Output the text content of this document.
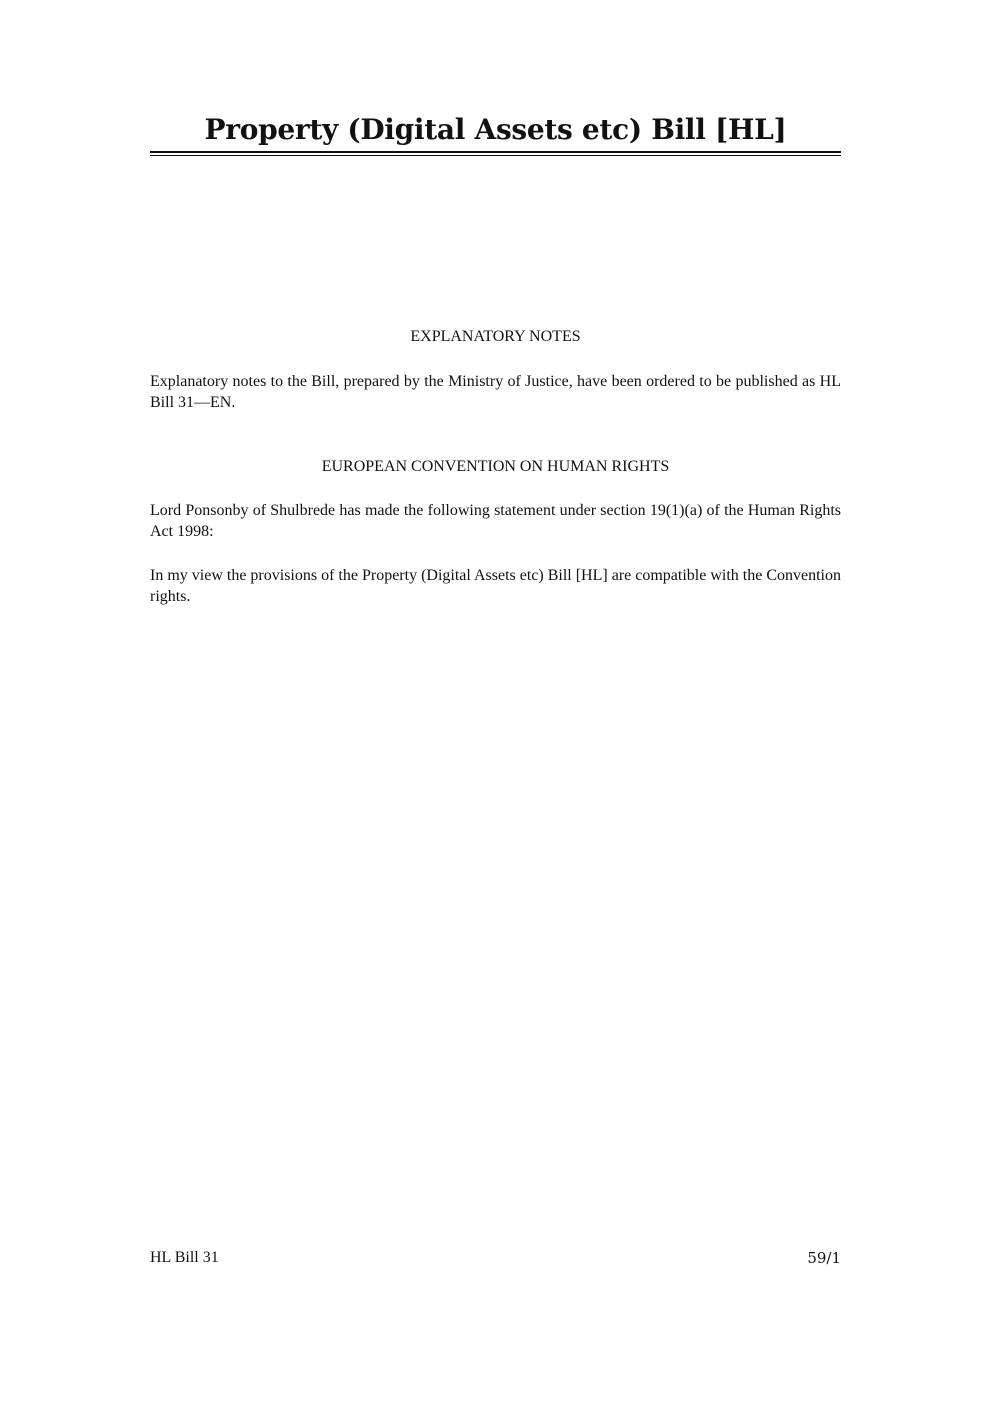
Property (Digital Assets etc) Bill [HL]
EXPLANATORY NOTES

Explanatory notes to the Bill, prepared by the Ministry of Justice, have been ordered to be published as HL Bill 31—EN.

EUROPEAN CONVENTION ON HUMAN RIGHTS

Lord Ponsonby of Shulbrede has made the following statement under section 19(1)(a) of the Human Rights Act 1998:

In my view the provisions of the Property (Digital Assets etc) Bill [HL] are compatible with the Convention rights.

HL Bill 31	59/1
